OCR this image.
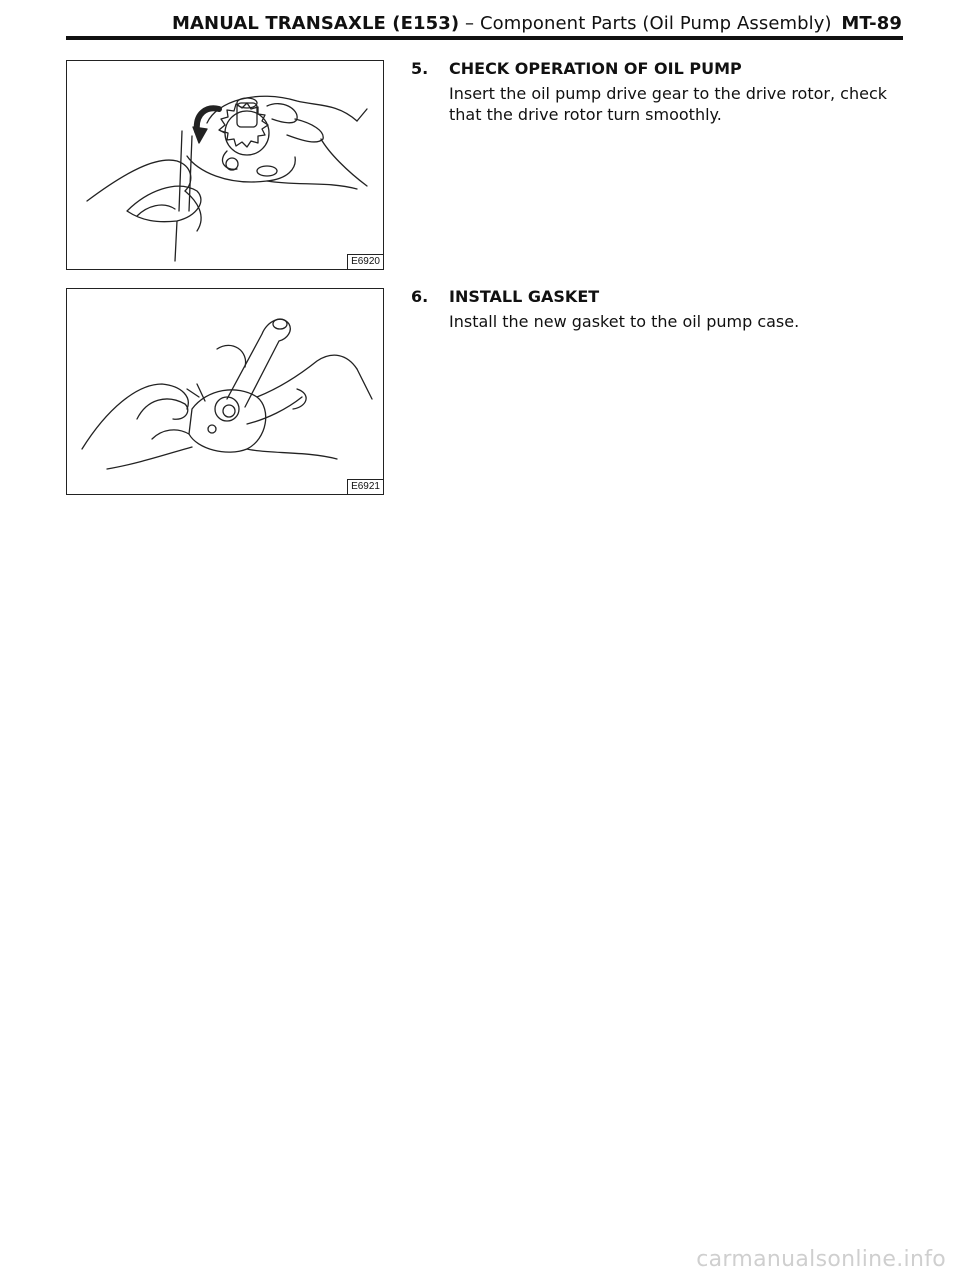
MANUAL TRANSAXLE (E153) – Component Parts (Oil Pump Assembly) MT-89
E6920
E6921
5. CHECK OPERATION OF OIL PUMP
Insert the oil pump drive gear to the drive rotor, check that the drive rotor turn smoothly.
6. INSTALL GASKET
Install the new gasket to the oil pump case.
carmanualsonline.info
